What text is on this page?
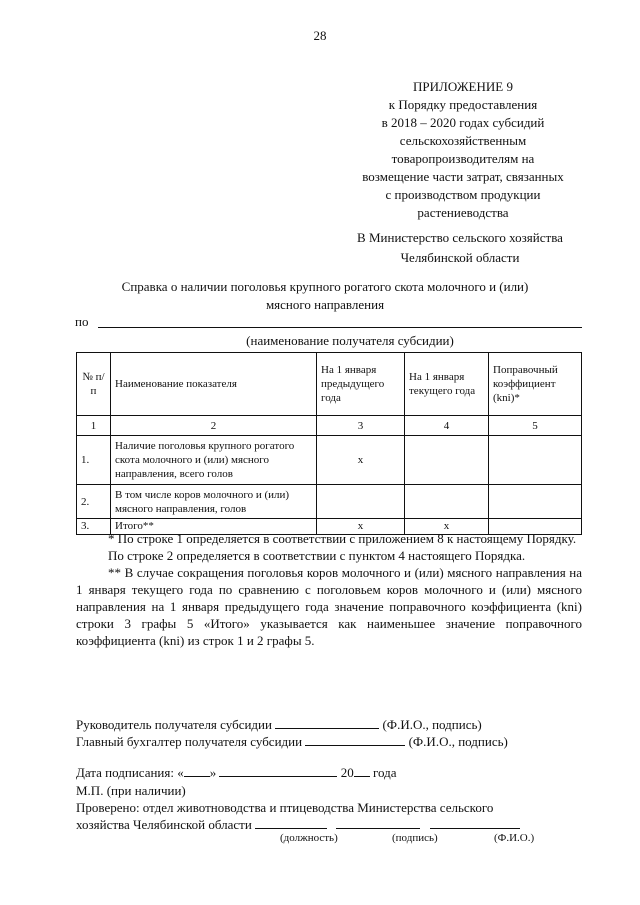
28
ПРИЛОЖЕНИЕ 9
к Порядку предоставления
в 2018 – 2020 годах субсидий
сельскохозяйственным
товаропроизводителям на
возмещение части затрат, связанных
с производством продукции
растениеводства
В Министерство сельского хозяйства
Челябинской области
Справка о наличии поголовья крупного рогатого скота молочного и (или)
мясного направления
по
(наименование получателя субсидии)
№ п/п	Наименование показателя	На 1 января предыдущего года	На 1 января текущего года	Поправочный коэффициент (kni)*
1	2	3	4	5
1.	Наличие поголовья крупного рогатого скота молочного и (или) мясного направления, всего голов	х		
2.	В том числе коров молочного и (или) мясного направления, голов			
3.	Итого**	х	х	

* По строке 1 определяется в соответствии с приложением 8 к настоящему Порядку.

По строке 2 определяется в соответствии с пунктом 4 настоящего Порядка.

** В случае сокращения поголовья коров молочного и (или) мясного направления на 1 января текущего года по сравнению с поголовьем коров молочного и (или) мясного направления на 1 января предыдущего года значение поправочного коэффициента (kni) строки 3 графы 5 «Итого» указывается как наименьшее значение поправочного коэффициента (kni) из строк 1 и 2 графы 5.

Руководитель получателя субсидии	(Ф.И.О., подпись)
Главный бухгалтер получателя субсидии	(Ф.И.О., подпись)
Дата подписания: « »	20 года
М.П. (при наличии)
Проверено: отдел животноводства и птицеводства Министерства сельского
хозяйства Челябинской области
(должность)	(подпись)	(Ф.И.О.)
